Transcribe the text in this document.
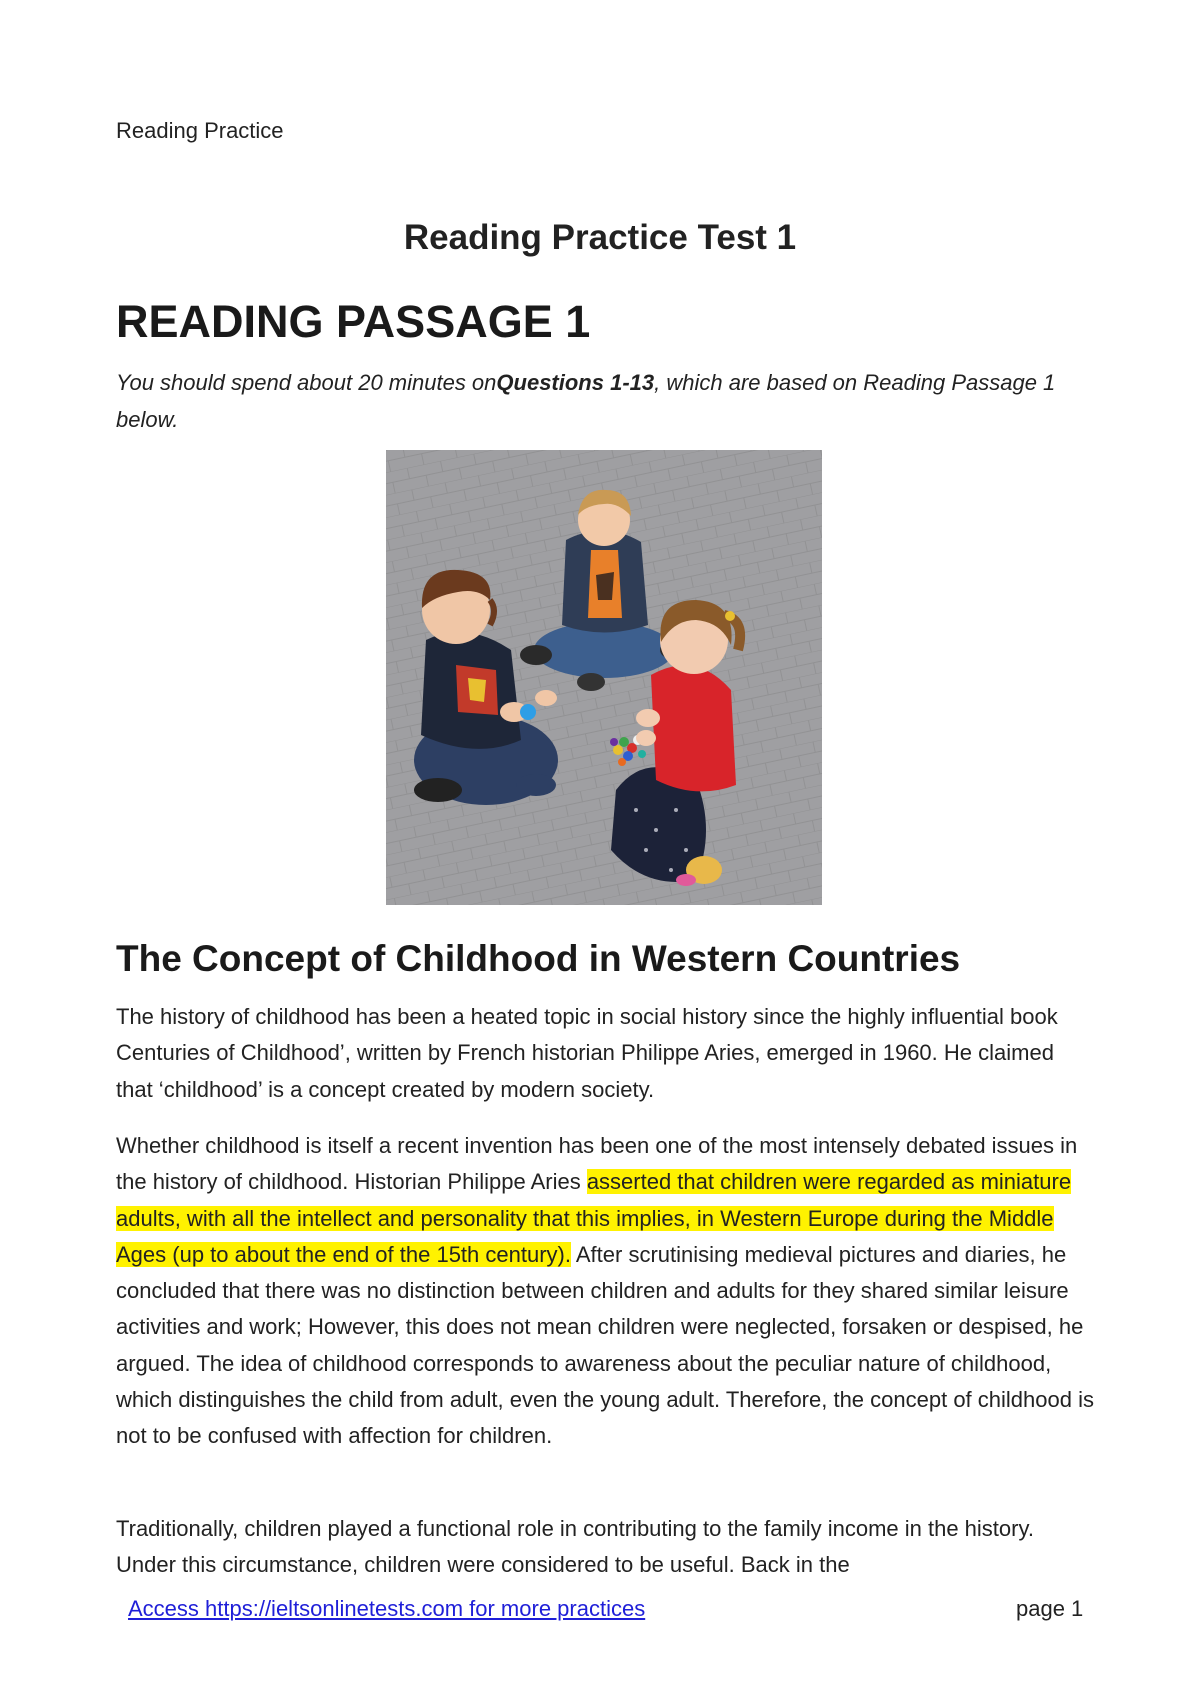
Reading Practice
Reading Practice Test 1
READING PASSAGE 1
You should spend about 20 minutes onQuestions 1-13, which are based on Reading Passage 1 below.
The Concept of Childhood in Western Countries
The history of childhood has been a heated topic in social history since the highly influential book Centuries of Childhood’, written by French historian Philippe Aries, emerged in 1960. He claimed that ‘childhood’ is a concept created by modern society.
Whether childhood is itself a recent invention has been one of the most intensely debated issues in the history of childhood. Historian Philippe Aries asserted that children were regarded as miniature adults, with all the intellect and personality that this implies, in Western Europe during the Middle Ages (up to about the end of the 15th century). After scrutinising medieval pictures and diaries, he concluded that there was no distinction between children and adults for they shared similar leisure activities and work; However, this does not mean children were neglected, forsaken or despised, he argued. The idea of childhood corresponds to awareness about the peculiar nature of childhood, which distinguishes the child from adult, even the young adult. Therefore, the concept of childhood is not to be confused with affection for children.
Traditionally, children played a functional role in contributing to the family income in the history. Under this circumstance, children were considered to be useful. Back in the
Access https://ieltsonlinetests.com for more practices	page 1
